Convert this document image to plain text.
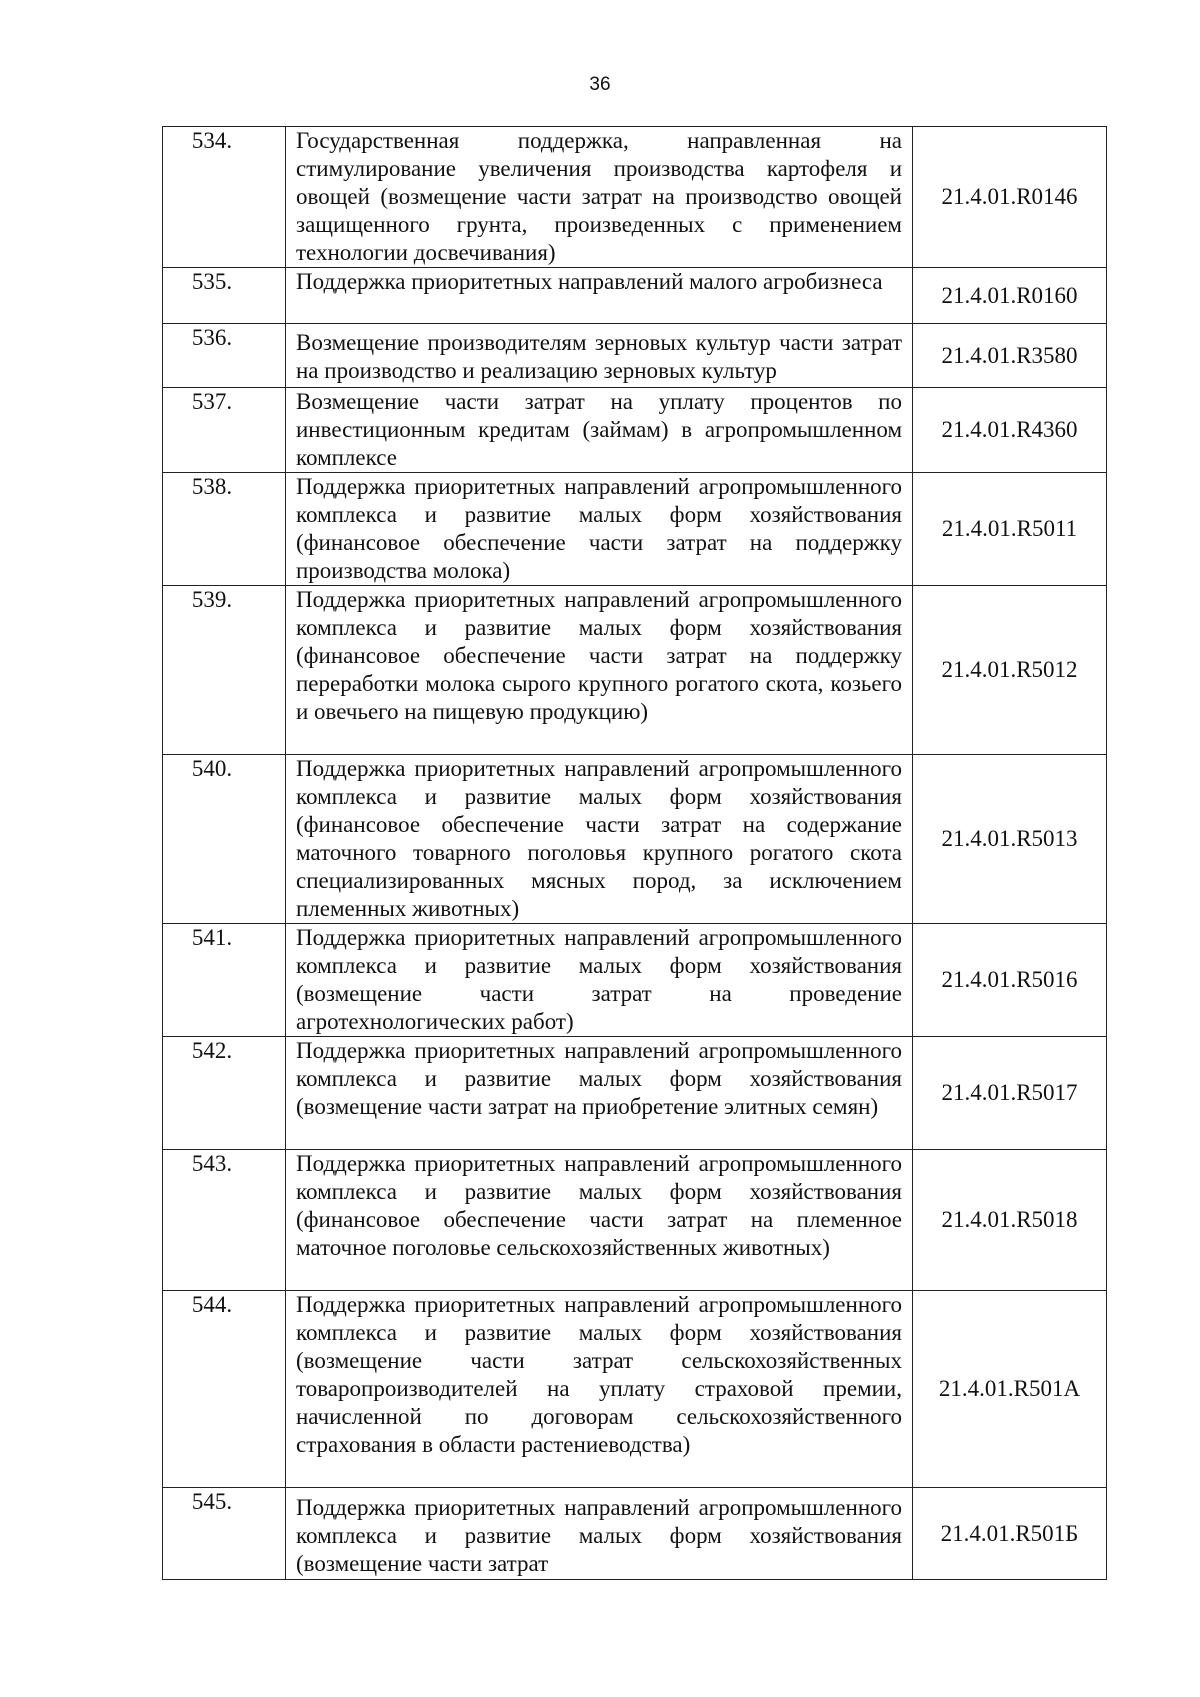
36
534.	Государственная поддержка, направленная на стимулирование увеличения производства картофеля и овощей (возмещение части затрат на производство овощей защищенного грунта, произведенных с применением технологии досвечивания)	21.4.01.R0146
535.	Поддержка приоритетных направлений малого агробизнеса	21.4.01.R0160
536.	Возмещение производителям зерновых культур части затрат на производство и реализацию зерновых культур	21.4.01.R3580
537.	Возмещение части затрат на уплату процентов по инвестиционным кредитам (займам) в агропромышленном комплексе	21.4.01.R4360
538.	Поддержка приоритетных направлений агропромышленного комплекса и развитие малых форм хозяйствования (финансовое обеспечение части затрат на поддержку производства молока)	21.4.01.R5011
539.	Поддержка приоритетных направлений агропромышленного комплекса и развитие малых форм хозяйствования (финансовое обеспечение части затрат на поддержку переработки молока сырого крупного рогатого скота, козьего и овечьего на пищевую продукцию)	21.4.01.R5012
540.	Поддержка приоритетных направлений агропромышленного комплекса и развитие малых форм хозяйствования (финансовое обеспечение части затрат на содержание маточного товарного поголовья крупного рогатого скота специализированных мясных пород, за исключением племенных животных)	21.4.01.R5013
541.	Поддержка приоритетных направлений агропромышленного комплекса и развитие малых форм хозяйствования (возмещение части затрат на проведение агротехнологических работ)	21.4.01.R5016
542.	Поддержка приоритетных направлений агропромышленного комплекса и развитие малых форм хозяйствования (возмещение части затрат на приобретение элитных семян)	21.4.01.R5017
543.	Поддержка приоритетных направлений агропромышленного комплекса и развитие малых форм хозяйствования (финансовое обеспечение части затрат на племенное маточное поголовье сельскохозяйственных животных)	21.4.01.R5018
544.	Поддержка приоритетных направлений агропромышленного комплекса и развитие малых форм хозяйствования (возмещение части затрат сельскохозяйственных товаропроизводителей на уплату страховой премии, начисленной по договорам сельскохозяйственного страхования в области растениеводства)	21.4.01.R501A
545.	Поддержка приоритетных направлений агропромышленного комплекса и развитие малых форм хозяйствования (возмещение части затрат	21.4.01.R501Б
